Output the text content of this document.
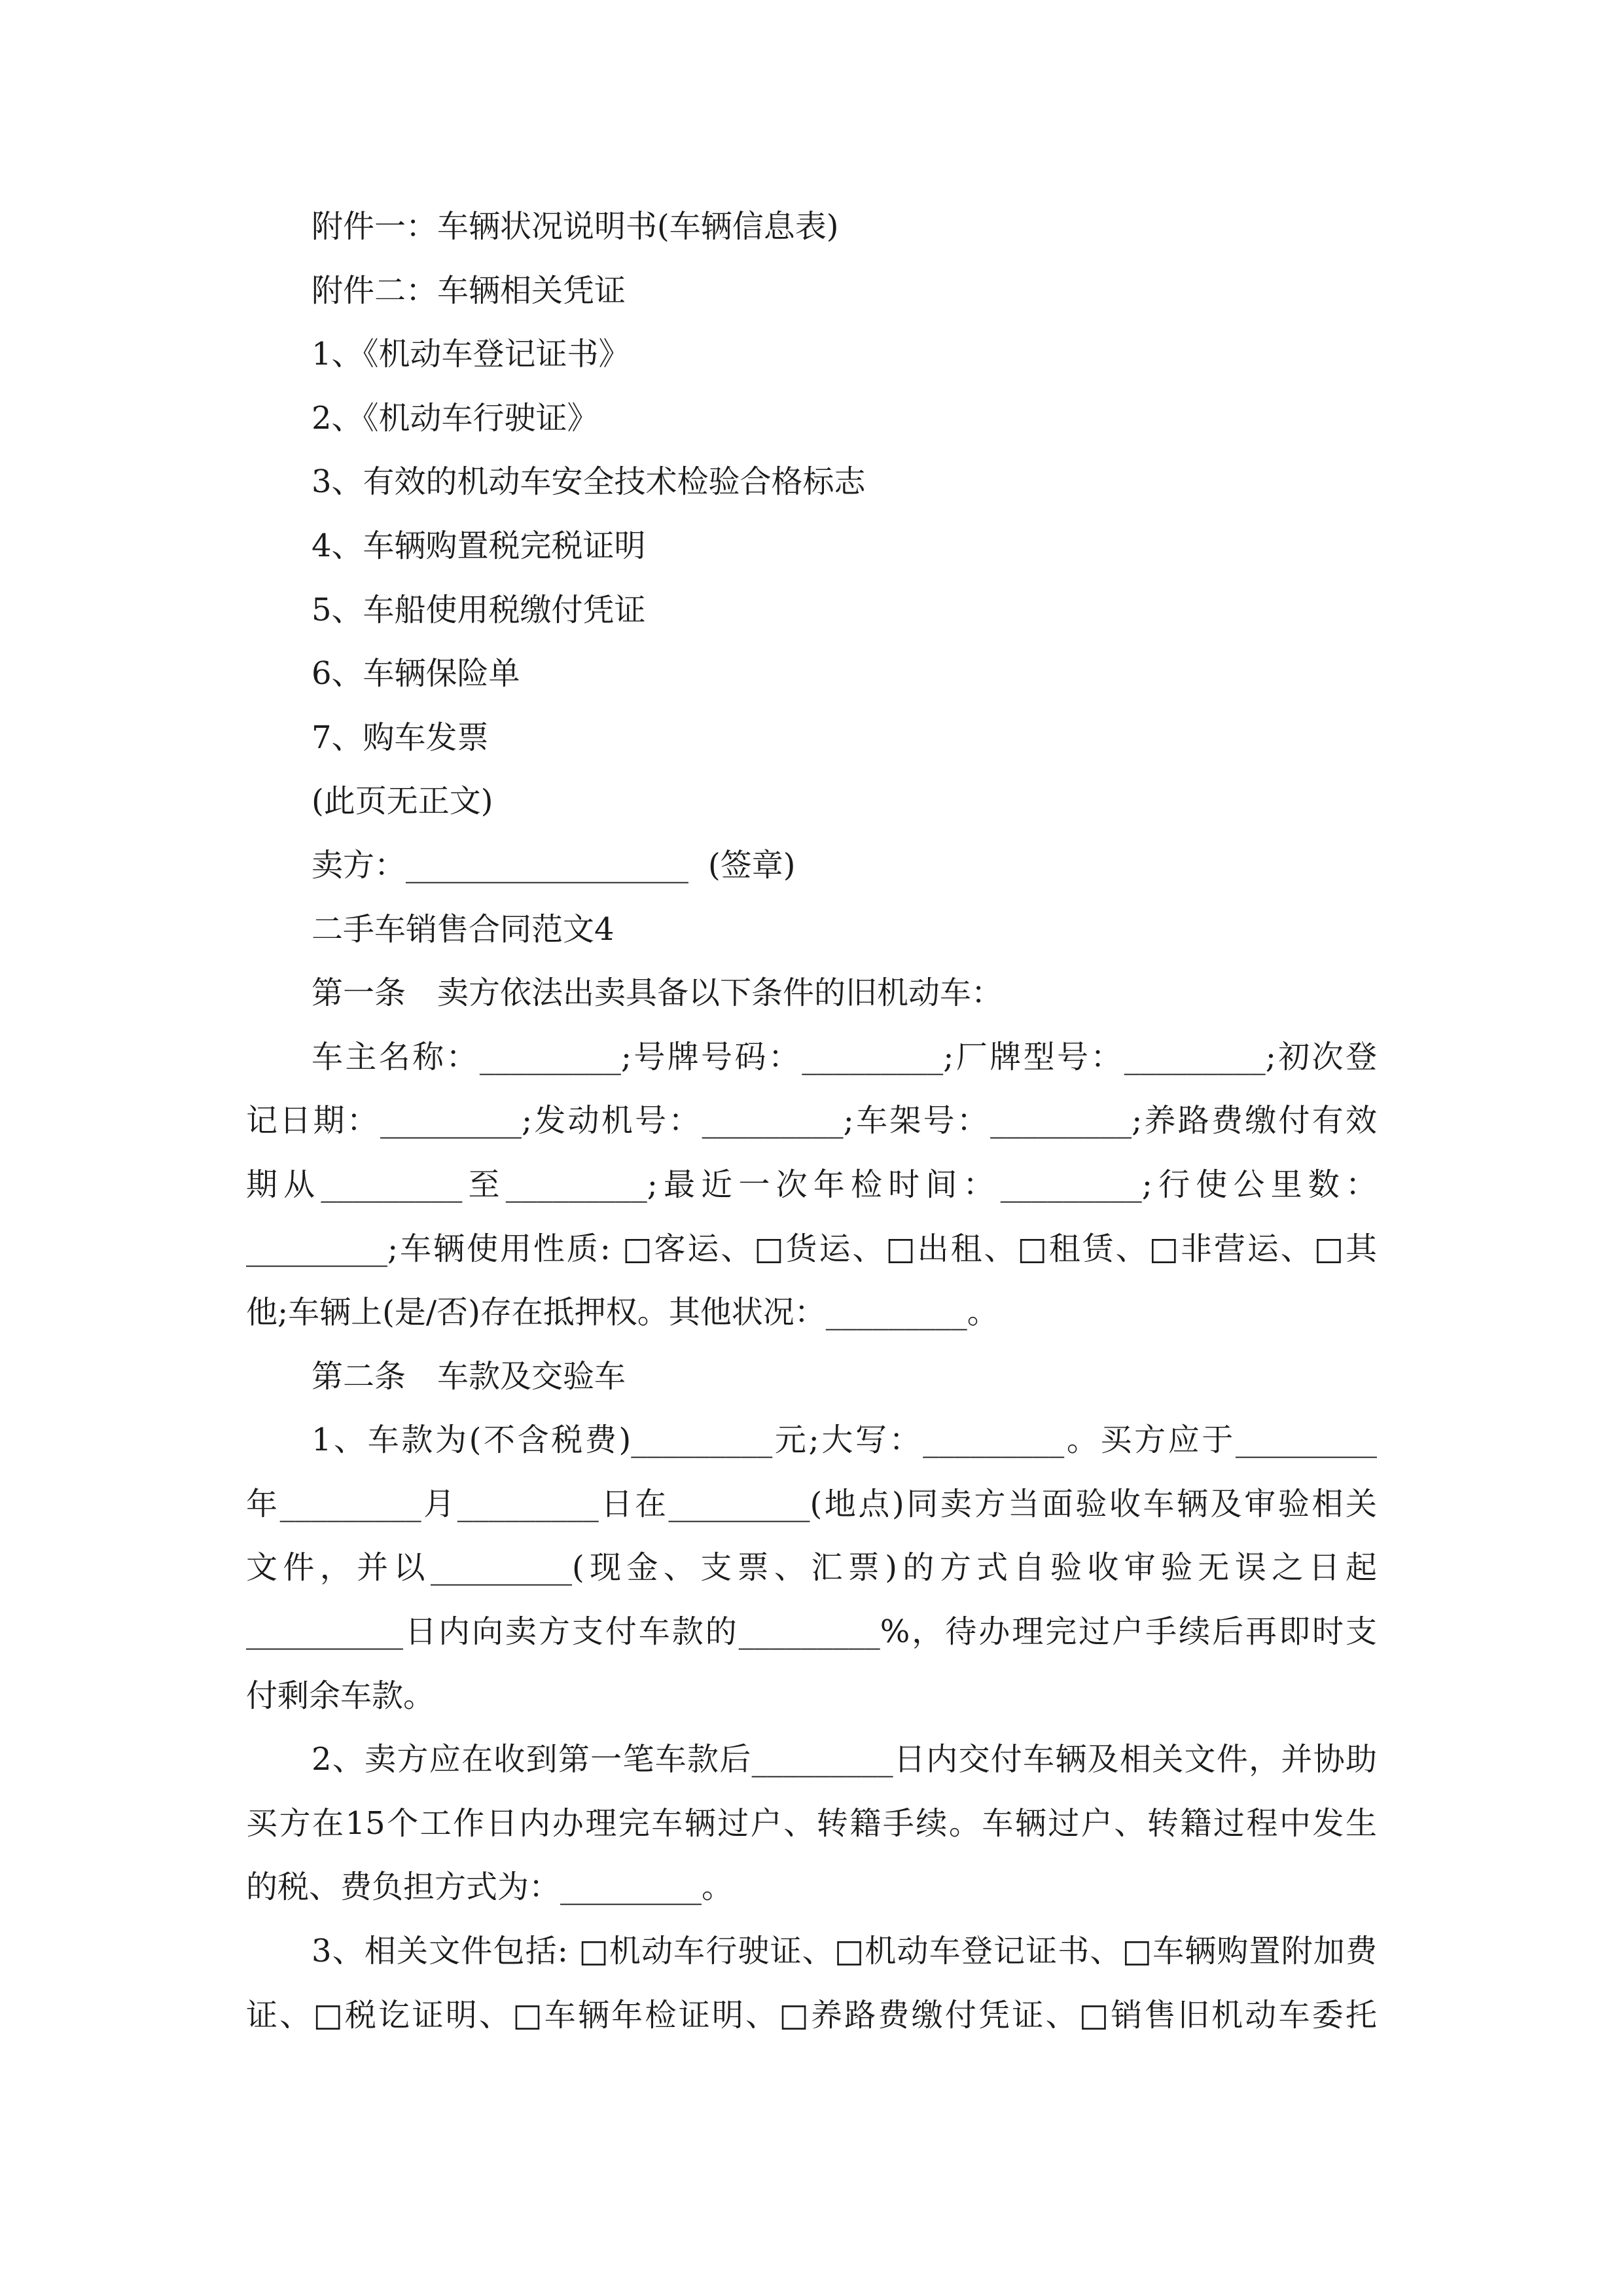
附件一：车辆状况说明书(车辆信息表)
附件二：车辆相关凭证
1、《机动车登记证书》
2、《机动车行驶证》
3、有效的机动车安全技术检验合格标志
4、车辆购置税完税证明
5、车船使用税缴付凭证
6、车辆保险单
7、购车发票
(此页无正文)
卖方：__________________ (签章)
二手车销售合同范文4
第一条　卖方依法出卖具备以下条件的旧机动车：
车主名称：_________;号牌号码：_________;厂牌型号：_________;初次登
记日期：_________;发动机号：_________;车架号：_________;养路费缴付有效
期从_________至_________;最近一次年检时间：_________;行使公里数：
_________;车辆使用性质: □客运、□货运、□出租、□租赁、□非营运、□其
他;车辆上(是/否)存在抵押权。其他状况：_________。
第二条　车款及交验车
1、车款为(不含税费)_________元;大写：_________。买方应于_________
年_________月_________日在_________(地点)同卖方当面验收车辆及审验相关
文件，并以_________(现金、支票、汇票)的方式自验收审验无误之日起
__________日内向卖方支付车款的_________%，待办理完过户手续后再即时支
付剩余车款。
2、卖方应在收到第一笔车款后_________日内交付车辆及相关文件，并协助
买方在15个工作日内办理完车辆过户、转籍手续。车辆过户、转籍过程中发生
的税、费负担方式为：_________。
3、相关文件包括: □机动车行驶证、□机动车登记证书、□车辆购置附加费
证、□税讫证明、□车辆年检证明、□养路费缴付凭证、□销售旧机动车委托
